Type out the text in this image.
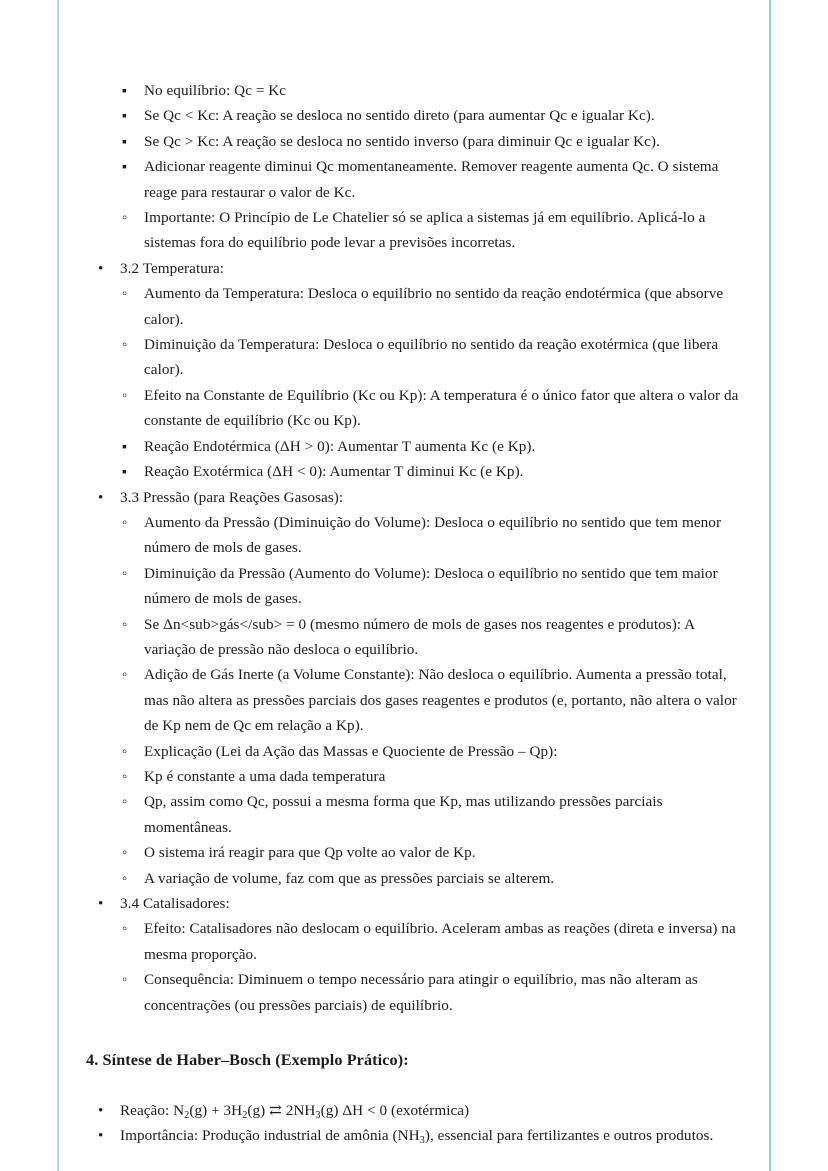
▪
No equilíbrio: Qc = Kc
▪
Se Qc < Kc: A reação se desloca no sentido direto (para aumentar Qc e igualar Kc).
▪
Se Qc > Kc: A reação se desloca no sentido inverso (para diminuir Qc e igualar Kc).
▪
Adicionar reagente diminui Qc momentaneamente. Remover reagente aumenta Qc. O sistema reage para restaurar o valor de Kc.
◦
Importante: O Princípio de Le Chatelier só se aplica a sistemas já em equilíbrio. Aplicá-lo a sistemas fora do equilíbrio pode levar a previsões incorretas.
•
3.2 Temperatura:
◦
Aumento da Temperatura: Desloca o equilíbrio no sentido da reação endotérmica (que absorve calor).
◦
Diminuição da Temperatura: Desloca o equilíbrio no sentido da reação exotérmica (que libera calor).
◦
Efeito na Constante de Equilíbrio (Kc ou Kp): A temperatura é o único fator que altera o valor da constante de equilíbrio (Kc ou Kp).
▪
Reação Endotérmica (ΔH > 0): Aumentar T aumenta Kc (e Kp).
▪
Reação Exotérmica (ΔH < 0): Aumentar T diminui Kc (e Kp).
•
3.3 Pressão (para Reações Gasosas):
◦
Aumento da Pressão (Diminuição do Volume): Desloca o equilíbrio no sentido que tem menor número de mols de gases.
◦
Diminuição da Pressão (Aumento do Volume): Desloca o equilíbrio no sentido que tem maior número de mols de gases.
◦
Se Δn<sub>gás</sub> = 0 (mesmo número de mols de gases nos reagentes e produtos): A variação de pressão não desloca o equilíbrio.
◦
Adição de Gás Inerte (a Volume Constante): Não desloca o equilíbrio. Aumenta a pressão total, mas não altera as pressões parciais dos gases reagentes e produtos (e, portanto, não altera o valor de Kp nem de Qc em relação a Kp).
◦
Explicação (Lei da Ação das Massas e Quociente de Pressão – Qp):
◦
Kp é constante a uma dada temperatura
◦
Qp, assim como Qc, possui a mesma forma que Kp, mas utilizando pressões parciais momentâneas.
◦
O sistema irá reagir para que Qp volte ao valor de Kp.
◦
A variação de volume, faz com que as pressões parciais se alterem.
•
3.4 Catalisadores:
◦
Efeito: Catalisadores não deslocam o equilíbrio. Aceleram ambas as reações (direta e inversa) na mesma proporção.
◦
Consequência: Diminuem o tempo necessário para atingir o equilíbrio, mas não alteram as concentrações (ou pressões parciais) de equilíbrio.
4. Síntese de Haber–Bosch (Exemplo Prático):
•
Reação: $N_2(g) + 3H_2(g)$ ⇄ $2NH_3(g) \Delta H < 0$ (exotérmica)
•
Importância: Produção industrial de amônia $(NH_3)$, essencial para fertilizantes e outros produtos.
